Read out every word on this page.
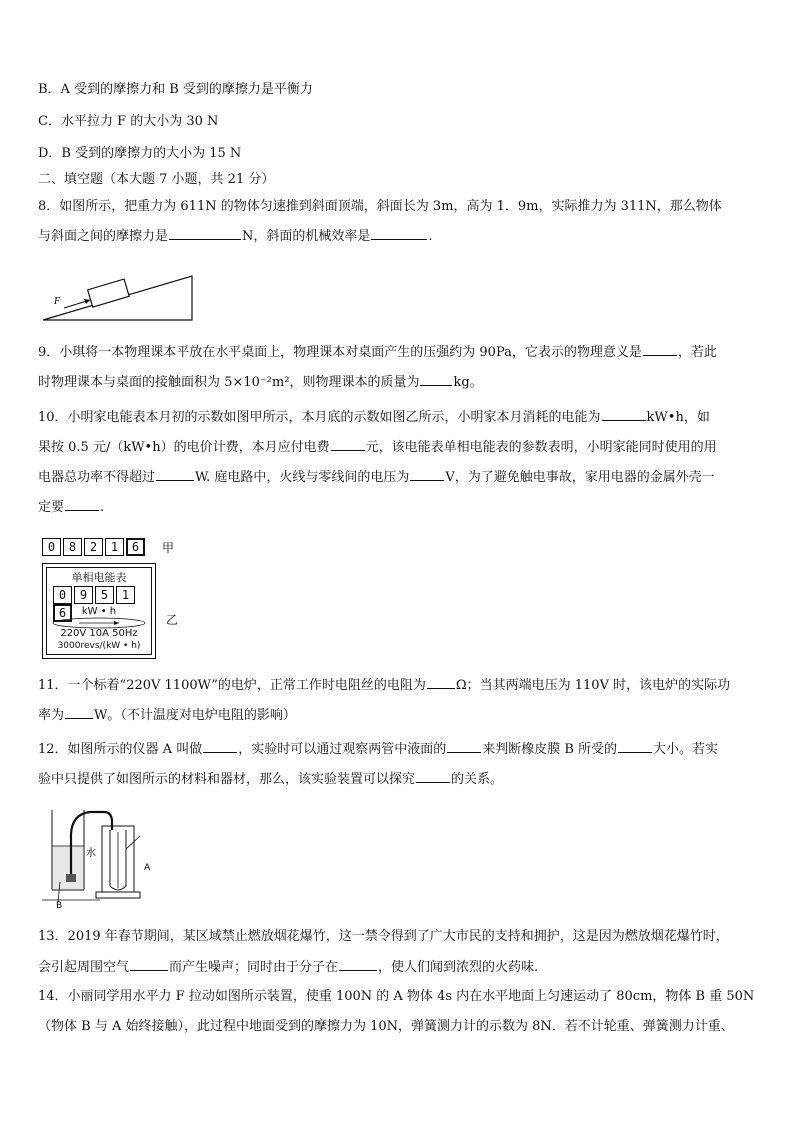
B．A 受到的摩擦力和 B 受到的摩擦力是平衡力
C．水平拉力 F 的大小为 30 N
D．B 受到的摩擦力的大小为 15 N
二、填空题（本大题 7 小题，共 21 分）
8．如图所示，把重力为 611N 的物体匀速推到斜面顶端，斜面长为 3m，高为 1．9m，实际推力为 311N，那么物体
与斜面之间的摩擦力是	N，斜面的机械效率是	.
F
9．小琪将一本物理课本平放在水平桌面上，物理课本对桌面产生的压强约为 90Pa，它表示的物理意义是	，若此
时物理课本与桌面的接触面积为 5×10⁻²m²，则物理课本的质量为	kg。
10．小明家电能表本月初的示数如图甲所示，本月底的示数如图乙所示，小明家本月消耗的电能为	kW•h，如
果按 0.5 元/（kW•h）的电价计费，本月应付电费	元，该电能表单相电能表的参数表明，小明家能同时使用的用
电器总功率不得超过	W. 庭电路中，火线与零线间的电压为	V，为了避免触电事故，家用电器的金属外壳一
定要	.
0 8 2 1 6 甲
单相电能表
0 9 5 16	kW • h
220V 10A 50Hz
3000revs/(kW • h)
乙
11．一个标着“220V 1100W”的电炉，正常工作时电阻丝的电阻为 Ω；当其两端电压为 110V 时，该电炉的实际功
率为 W。（不计温度对电炉电阻的影响）
12．如图所示的仪器 A 叫做	，实验时可以通过观察两管中液面的	来判断橡皮膜 B 所受的	大小。若实
验中只提供了如图所示的材料和器材，那么，该实验装置可以探究	的关系。
水
A
B
13．2019 年春节期间，某区域禁止燃放烟花爆竹，这一禁令得到了广大市民的支持和拥护，这是因为燃放烟花爆竹时，
会引起周围空气	而产生噪声；同时由于分子在	，使人们闻到浓烈的火药味.
14．小丽同学用水平力 F 拉动如图所示装置，使重 100N 的 A 物体 4s 内在水平地面上匀速运动了 80cm，物体 B 重 50N
（物体 B 与 A 始终接触），此过程中地面受到的摩擦力为 10N，弹簧测力计的示数为 8N．若不计轮重、弹簧测力计重、
